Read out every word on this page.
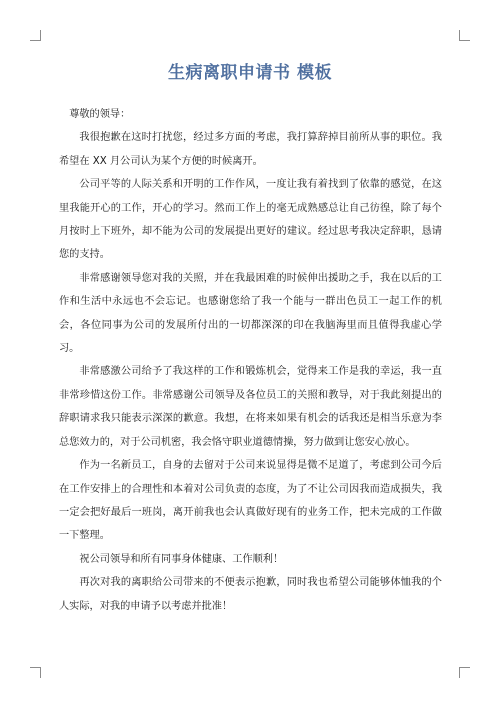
生病离职申请书 模板

尊敬的领导：

我很抱歉在这时打扰您，经过多方面的考虑，我打算辞掉目前所从事的职位。我希望在 XX 月公司认为某个方便的时候离开。

公司平等的人际关系和开明的工作作风，一度让我有着找到了依靠的感觉，在这里我能开心的工作，开心的学习。然而工作上的毫无成熟感总让自己彷徨，除了每个月按时上下班外，却不能为公司的发展提出更好的建议。经过思考我决定辞职，恳请您的支持。

非常感谢领导您对我的关照，并在我最困难的时候伸出援助之手，我在以后的工作和生活中永远也不会忘记。也感谢您给了我一个能与一群出色员工一起工作的机会，各位同事为公司的发展所付出的一切都深深的印在我脑海里而且值得我虚心学习。

非常感激公司给予了我这样的工作和锻炼机会，觉得来工作是我的幸运，我一直非常珍惜这份工作。非常感谢公司领导及各位员工的关照和教导，对于我此刻提出的辞职请求我只能表示深深的歉意。我想，在将来如果有机会的话我还是相当乐意为李总您效力的，对于公司机密，我会恪守职业道德情操，努力做到让您安心放心。

作为一名新员工，自身的去留对于公司来说显得是微不足道了，考虑到公司今后在工作安排上的合理性和本着对公司负责的态度，为了不让公司因我而造成损失，我一定会把好最后一班岗，离开前我也会认真做好现有的业务工作，把未完成的工作做一下整理。

祝公司领导和所有同事身体健康、工作顺利！

再次对我的离职给公司带来的不便表示抱歉，同时我也希望公司能够体恤我的个人实际，对我的申请予以考虑并批准！
